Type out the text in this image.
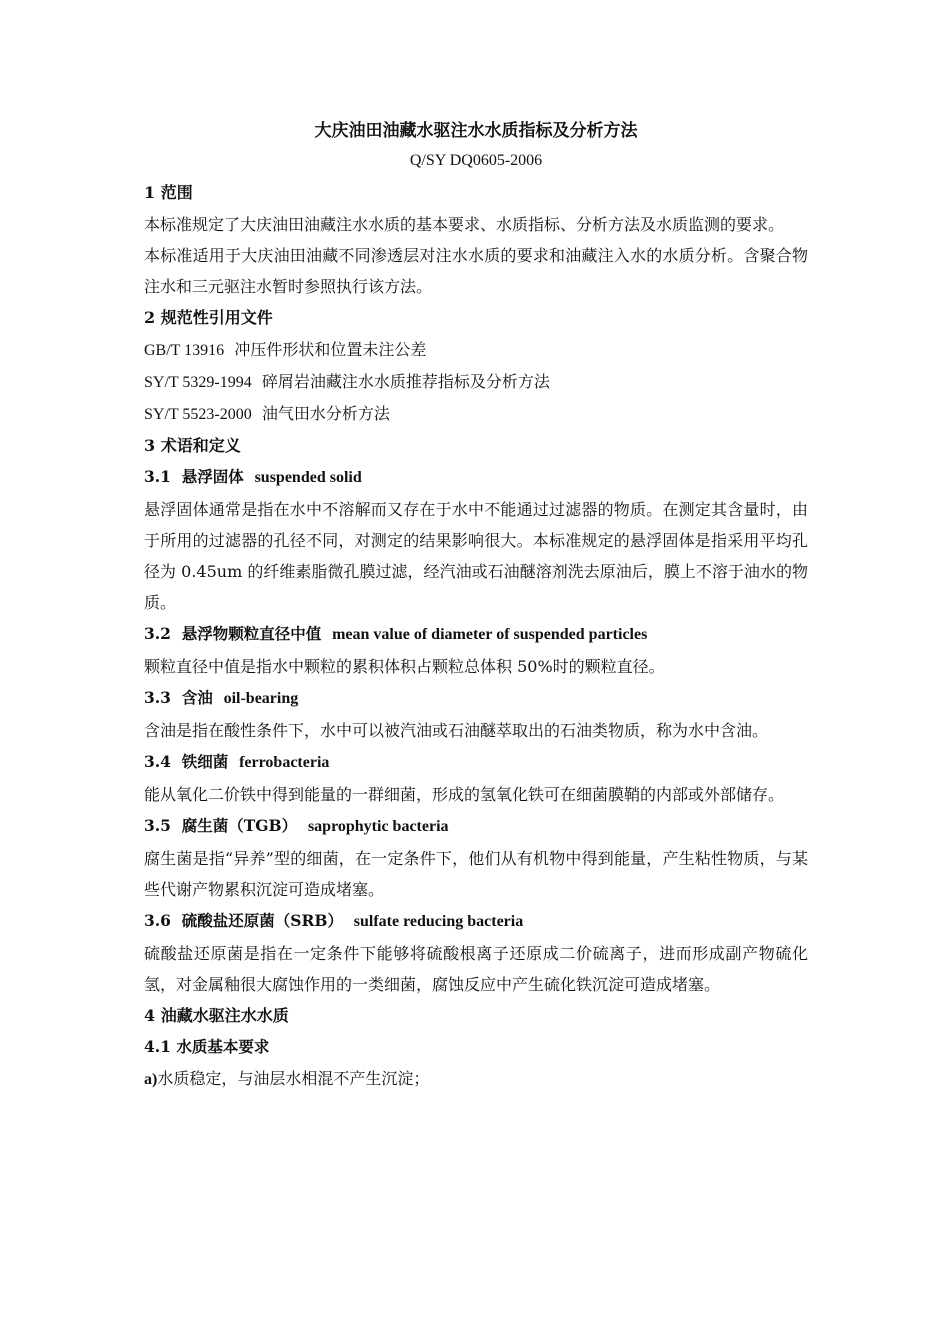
大庆油田油藏水驱注水水质指标及分析方法

Q/SY DQ0605-2006

1 范围

本标准规定了大庆油田油藏注水水质的基本要求、水质指标、分析方法及水质监测的要求。

本标准适用于大庆油田油藏不同渗透层对注水水质的要求和油藏注入水的水质分析。含聚合物注水和三元驱注水暂时参照执行该方法。

2 规范性引用文件

GB/T 13916 冲压件形状和位置未注公差

SY/T 5329-1994 碎屑岩油藏注水水质推荐指标及分析方法

SY/T 5523-2000 油气田水分析方法

3 术语和定义

3.1 悬浮固体 suspended solid

悬浮固体通常是指在水中不溶解而又存在于水中不能通过过滤器的物质。在测定其含量时，由于所用的过滤器的孔径不同，对测定的结果影响很大。本标准规定的悬浮固体是指采用平均孔径为 0.45um 的纤维素脂微孔膜过滤，经汽油或石油醚溶剂洗去原油后，膜上不溶于油水的物质。

3.2 悬浮物颗粒直径中值 mean value of diameter of suspended particles

颗粒直径中值是指水中颗粒的累积体积占颗粒总体积 50%时的颗粒直径。

3.3 含油 oil-bearing

含油是指在酸性条件下，水中可以被汽油或石油醚萃取出的石油类物质，称为水中含油。

3.4 铁细菌 ferrobacteria

能从氧化二价铁中得到能量的一群细菌，形成的氢氧化铁可在细菌膜鞘的内部或外部储存。

3.5 腐生菌（TGB） saprophytic bacteria

腐生菌是指“异养”型的细菌，在一定条件下，他们从有机物中得到能量，产生粘性物质，与某些代谢产物累积沉淀可造成堵塞。

3.6 硫酸盐还原菌（SRB） sulfate reducing bacteria

硫酸盐还原菌是指在一定条件下能够将硫酸根离子还原成二价硫离子，进而形成副产物硫化氢，对金属釉很大腐蚀作用的一类细菌，腐蚀反应中产生硫化铁沉淀可造成堵塞。

4 油藏水驱注水水质

4.1 水质基本要求

a)水质稳定，与油层水相混不产生沉淀；
